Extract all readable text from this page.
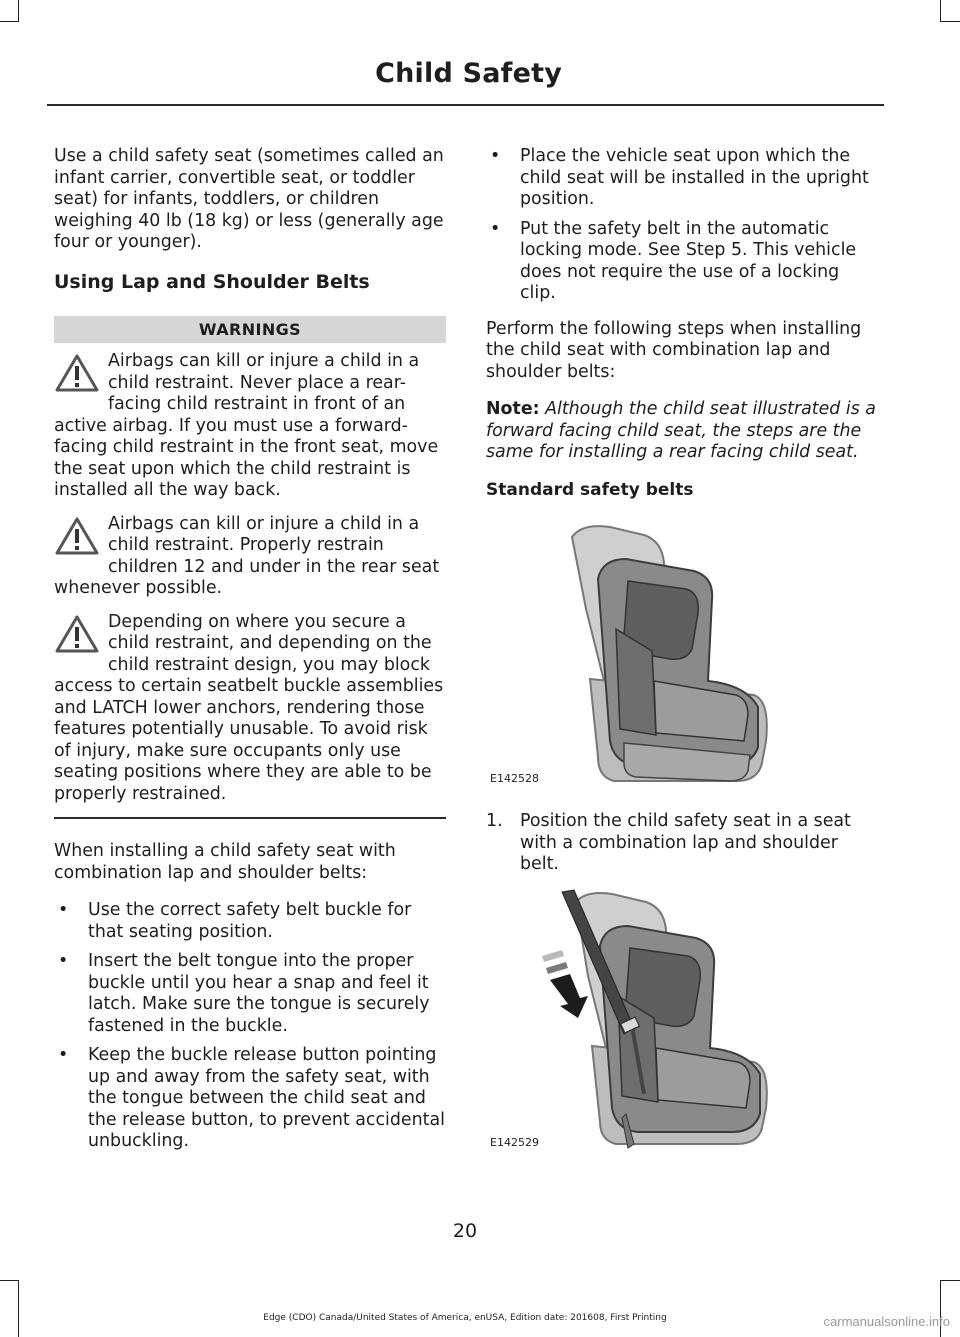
Child Safety

Use a child safety seat (sometimes called an infant carrier, convertible seat, or toddler seat) for infants, toddlers, or children weighing 40 lb (18 kg) or less (generally age four or younger).

Using Lap and Shoulder Belts
WARNINGS
Airbags can kill or injure a child in a child restraint. Never place a rear-facing child restraint in front of an active airbag. If you must use a forward-facing child restraint in the front seat, move the seat upon which the child restraint is installed all the way back.
Airbags can kill or injure a child in a child restraint. Properly restrain children 12 and under in the rear seat whenever possible.
Depending on where you secure a child restraint, and depending on the child restraint design, you may block access to certain seatbelt buckle assemblies and LATCH lower anchors, rendering those features potentially unusable. To avoid risk of injury, make sure occupants only use seating positions where they are able to be properly restrained.

When installing a child safety seat with combination lap and shoulder belts:

• Use the correct safety belt buckle for that seating position.
• Insert the belt tongue into the proper buckle until you hear a snap and feel it latch. Make sure the tongue is securely fastened in the buckle.
• Keep the buckle release button pointing up and away from the safety seat, with the tongue between the child seat and the release button, to prevent accidental unbuckling.
• Place the vehicle seat upon which the child seat will be installed in the upright position.
• Put the safety belt in the automatic locking mode. See Step 5. This vehicle does not require the use of a locking clip.

Perform the following steps when installing the child seat with combination lap and shoulder belts:

Note: Although the child seat illustrated is a forward facing child seat, the steps are the same for installing a rear facing child seat.

Standard safety belts
E142528
1. Position the child safety seat in a seat with a combination lap and shoulder belt.
E142529
20
Edge (CDO) Canada/United States of America, enUSA, Edition date: 201608, First Printing	carmanualsonline.info
